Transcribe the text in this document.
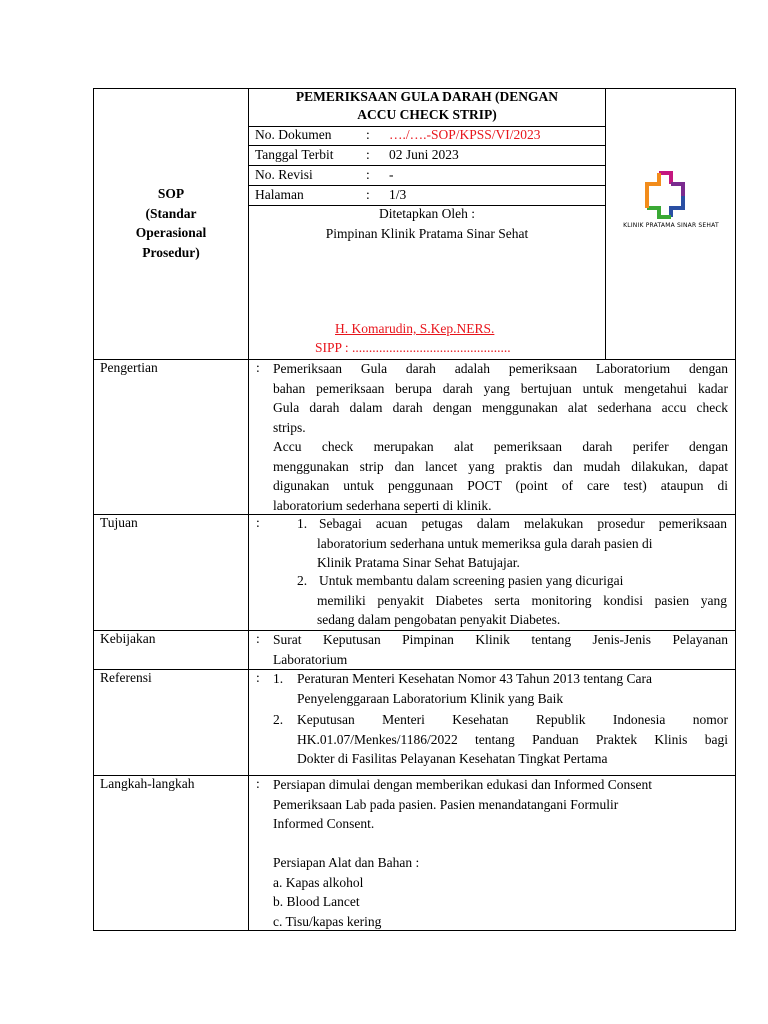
SOP
(Standar
Operasional
Prosedur)
PEMERIKSAAN GULA DARAH (DENGAN
ACCU CHECK STRIP)
No. Dokumen	: …./….-SOP/KPSS/VI/2023
Tanggal Terbit : 02 Juni 2023
No. Revisi	: -
Halaman	: 1/3
Ditetapkan Oleh :
Pimpinan Klinik Pratama Sinar Sehat
H. Komarudin, S.Kep.NERS.
SIPP : ...............................................
KLINIK PRATAMA SINAR SEHAT
Pengertian	: Pemeriksaan Gula darah adalah pemeriksaan Laboratorium dengan
bahan pemeriksaan berupa darah yang bertujuan untuk mengetahui kadar
Gula darah dalam darah dengan menggunakan alat sederhana accu check
strips.
Accu check merupakan alat pemeriksaan darah perifer dengan
menggunakan strip dan lancet yang praktis dan mudah dilakukan, dapat
digunakan untuk penggunaan POCT (point of care test) ataupun di
laboratorium sederhana seperti di klinik.
Tujuan	:	1. Sebagai acuan petugas dalam melakukan prosedur pemeriksaan
laboratorium sederhana untuk memeriksa gula darah pasien di
Klinik Pratama Sinar Sehat Batujajar.
2. Untuk membantu dalam screening pasien yang dicurigai
memiliki penyakit Diabetes serta monitoring kondisi pasien yang
sedang dalam pengobatan penyakit Diabetes.
Kebijakan	: Surat Keputusan Pimpinan Klinik tentang Jenis-Jenis Pelayanan
Laboratorium
Referensi	: 1. Peraturan Menteri Kesehatan Nomor 43 Tahun 2013 tentang Cara
Penyelenggaraan Laboratorium Klinik yang Baik
2. Keputusan Menteri Kesehatan Republik Indonesia nomor
HK.01.07/Menkes/1186/2022 tentang Panduan Praktek Klinis bagi
Dokter di Fasilitas Pelayanan Kesehatan Tingkat Pertama
Langkah-langkah	: Persiapan dimulai dengan memberikan edukasi dan Informed Consent
Pemeriksaan Lab pada pasien. Pasien menandatangani Formulir
Informed Consent.
Persiapan Alat dan Bahan :
a. Kapas alkohol
b. Blood Lancet
c. Tisu/kapas kering
